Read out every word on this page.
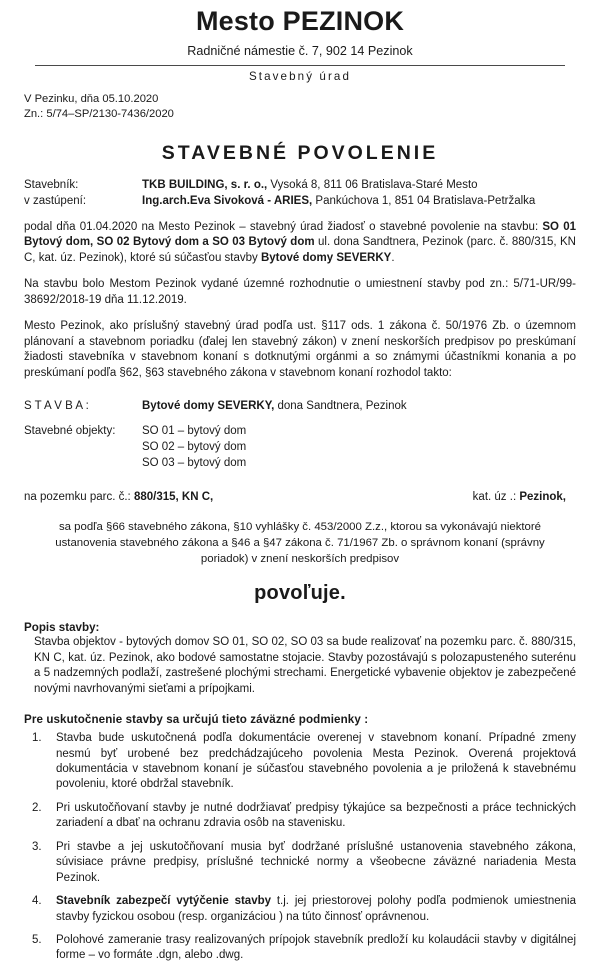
Mesto PEZINOK
Radničné námestie č. 7, 902 14 Pezinok
Stavebný úrad
V Pezinku, dňa 05.10.2020
Zn.: 5/74–SP/2130-7436/2020
STAVEBNÉ POVOLENIE
Stavebník:	TKB BUILDING, s. r. o., Vysoká 8, 811 06 Bratislava-Staré Mesto
v zastúpení:	Ing.arch.Eva Sivoková - ARIES, Pankúchova 1, 851 04 Bratislava-Petržalka

podal dňa 01.04.2020 na Mesto Pezinok – stavebný úrad žiadosť o stavebné povolenie na stavbu: SO 01 Bytový dom, SO 02 Bytový dom a SO 03 Bytový dom ul. dona Sandtnera, Pezinok (parc. č. 880/315, KN C, kat. úz. Pezinok), ktoré sú súčasťou stavby Bytové domy SEVERKY.

Na stavbu bolo Mestom Pezinok vydané územné rozhodnutie o umiestnení stavby pod zn.: 5/71-UR/99-38692/2018-19 dňa 11.12.2019.

Mesto Pezinok, ako príslušný stavebný úrad podľa ust. §117 ods. 1 zákona č. 50/1976 Zb. o územnom plánovaní a stavebnom poriadku (ďalej len stavebný zákon) v znení neskorších predpisov po preskúmaní žiadosti stavebníka v stavebnom konaní s dotknutými orgánmi a so známymi účastníkmi konania a po preskúmaní podľa §62, §63 stavebného zákona v stavebnom konaní rozhodol takto:

S T A V B A :	Bytové domy SEVERKY, dona Sandtnera, Pezinok
Stavebné objekty:	SO 01 – bytový dom
SO 02 – bytový dom
SO 03 – bytový dom
na pozemku parc. č.: 880/315, KN C,	kat. úz .: Pezinok,
sa podľa §66 stavebného zákona, §10 vyhlášky č. 453/2000 Z.z., ktorou sa vykonávajú niektoré ustanovenia stavebného zákona a §46 a §47 zákona č. 71/1967 Zb. o správnom konaní (správny poriadok) v znení neskorších predpisov
povoľuje.
Popis stavby:
Stavba objektov - bytových domov SO 01, SO 02, SO 03 sa bude realizovať na pozemku parc. č. 880/315, KN C, kat. úz. Pezinok, ako bodové samostatne stojacie. Stavby pozostávajú s polozapusteného suterénu a 5 nadzemných podlaží, zastrešené plochými strechami. Energetické vybavenie objektov je zabezpečené novými navrhovanými sieťami a prípojkami.
Pre uskutočnenie stavby sa určujú tieto záväzné podmienky :
1. Stavba bude uskutočnená podľa dokumentácie overenej v stavebnom konaní. Prípadné zmeny nesmú byť urobené bez predchádzajúceho povolenia Mesta Pezinok. Overená projektová dokumentácia v stavebnom konaní je súčasťou stavebného povolenia a je priložená k stavebnému povoleniu, ktoré obdržal stavebník.
2. Pri uskutočňovaní stavby je nutné dodržiavať predpisy týkajúce sa bezpečnosti a práce technických zariadení a dbať na ochranu zdravia osôb na stavenisku.
3. Pri stavbe a jej uskutočňovaní musia byť dodržané príslušné ustanovenia stavebného zákona, súvisiace právne predpisy, príslušné technické normy a všeobecne záväzné nariadenia Mesta Pezinok.
4. Stavebník zabezpečí vytýčenie stavby t.j. jej priestorovej polohy podľa podmienok umiestnenia stavby fyzickou osobou (resp. organizáciou ) na túto činnosť oprávnenou.
5. Polohové zameranie trasy realizovaných prípojok stavebník predloží ku kolaudácii stavby v digitálnej forme – vo formáte .dgn, alebo .dwg.
